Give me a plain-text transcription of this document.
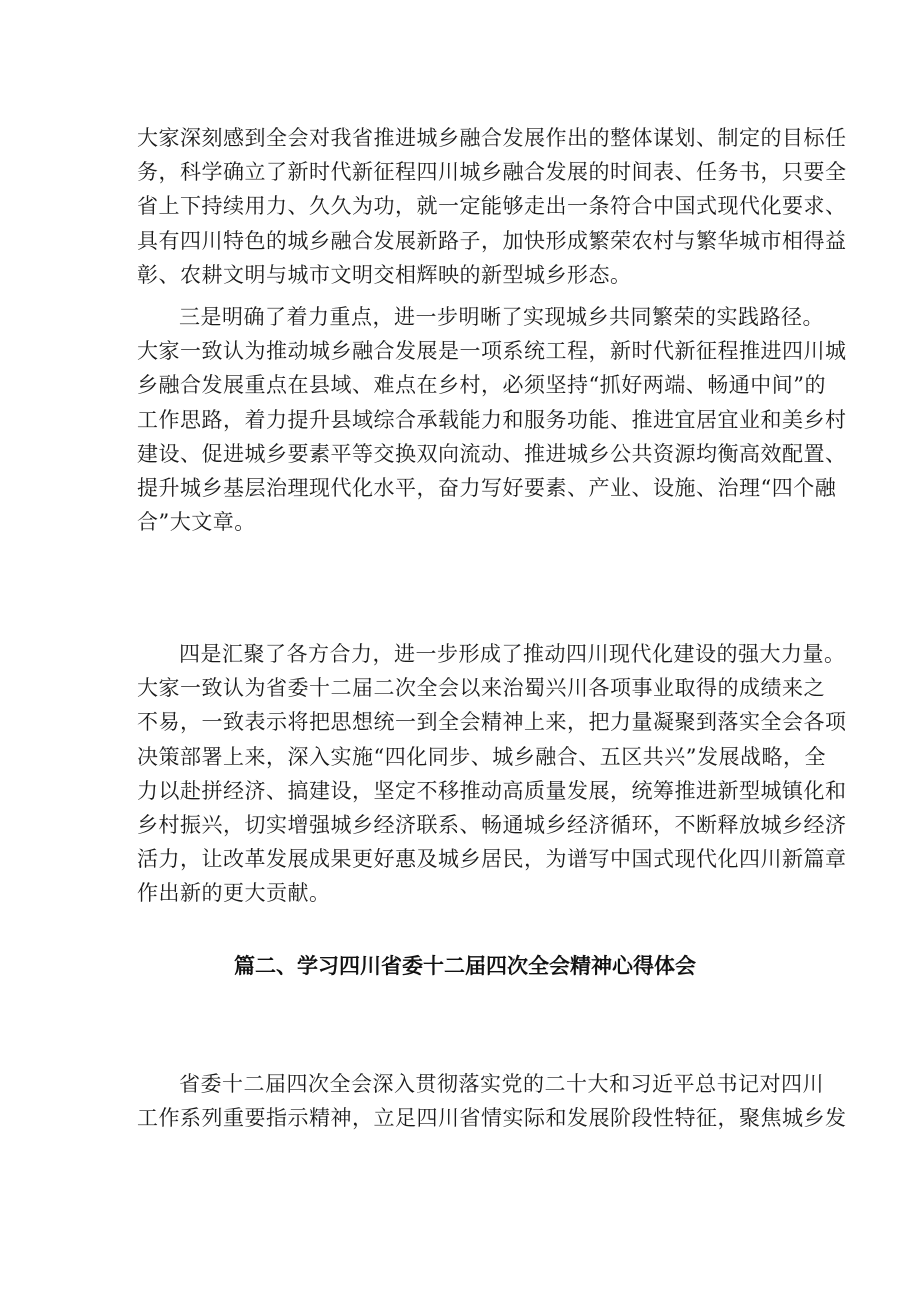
大家深刻感到全会对我省推进城乡融合发展作出的整体谋划、制定的目标任
务，科学确立了新时代新征程四川城乡融合发展的时间表、任务书，只要全
省上下持续用力、久久为功，就一定能够走出一条符合中国式现代化要求、
具有四川特色的城乡融合发展新路子，加快形成繁荣农村与繁华城市相得益
彰、农耕文明与城市文明交相辉映的新型城乡形态。
三是明确了着力重点，进一步明晰了实现城乡共同繁荣的实践路径。
大家一致认为推动城乡融合发展是一项系统工程，新时代新征程推进四川城
乡融合发展重点在县域、难点在乡村，必须坚持“抓好两端、畅通中间”的
工作思路，着力提升县域综合承载能力和服务功能、推进宜居宜业和美乡村
建设、促进城乡要素平等交换双向流动、推进城乡公共资源均衡高效配置、
提升城乡基层治理现代化水平，奋力写好要素、产业、设施、治理“四个融
合”大文章。
四是汇聚了各方合力，进一步形成了推动四川现代化建设的强大力量。
大家一致认为省委十二届二次全会以来治蜀兴川各项事业取得的成绩来之
不易，一致表示将把思想统一到全会精神上来，把力量凝聚到落实全会各项
决策部署上来，深入实施“四化同步、城乡融合、五区共兴”发展战略，全
力以赴拼经济、搞建设，坚定不移推动高质量发展，统筹推进新型城镇化和
乡村振兴，切实增强城乡经济联系、畅通城乡经济循环，不断释放城乡经济
活力，让改革发展成果更好惠及城乡居民，为谱写中国式现代化四川新篇章
作出新的更大贡献。
篇二、学习四川省委十二届四次全会精神心得体会
省委十二届四次全会深入贯彻落实党的二十大和习近平总书记对四川
工作系列重要指示精神，立足四川省情实际和发展阶段性特征，聚焦城乡发
